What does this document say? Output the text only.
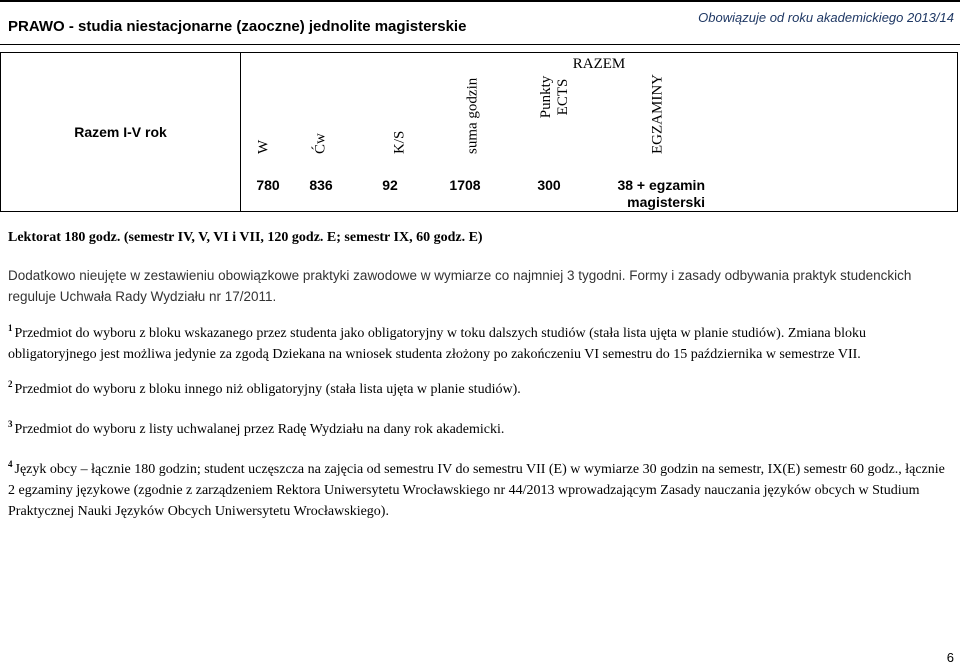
PRAWO - studia niestacjonarne (zaoczne) jednolite magisterskie
Obowiązuje od roku akademickiego 2013/14
Razem I-V rok	RAZEM

W	Ćw	K/S	suma godzin	Punkty ECTS	EGZAMINY

780	836	92	1708	300	38 + egzamin magisterski
Lektorat 180 godz. (semestr IV, V, VI i VII, 120 godz. E; semestr IX, 60 godz. E)
Dodatkowo nieujęte w zestawieniu obowiązkowe praktyki zawodowe w wymiarze co najmniej 3 tygodni. Formy i zasady odbywania praktyk studenckich reguluje Uchwała Rady Wydziału nr 17/2011.
$^1$ Przedmiot do wyboru z bloku wskazanego przez studenta jako obligatoryjny w toku dalszych studiów (stała lista ujęta w planie studiów). Zmiana bloku obligatoryjnego jest możliwa jedynie za zgodą Dziekana na wniosek studenta złożony po zakończeniu VI semestru do 15 października w semestrze VII.
$^2$ Przedmiot do wyboru z bloku innego niż obligatoryjny (stała lista ujęta w planie studiów).
$^3$ Przedmiot do wyboru z listy uchwalanej przez Radę Wydziału na dany rok akademicki.
$^4$ Język obcy – łącznie 180 godzin; student uczęszcza na zajęcia od semestru IV do semestru VII (E) w wymiarze 30 godzin na semestr, IX(E) semestr 60 godz., łącznie 2 egzaminy językowe (zgodnie z zarządzeniem Rektora Uniwersytetu Wrocławskiego nr 44/2013 wprowadzającym Zasady nauczania języków obcych w Studium Praktycznej Nauki Języków Obcych Uniwersytetu Wrocławskiego).
6
